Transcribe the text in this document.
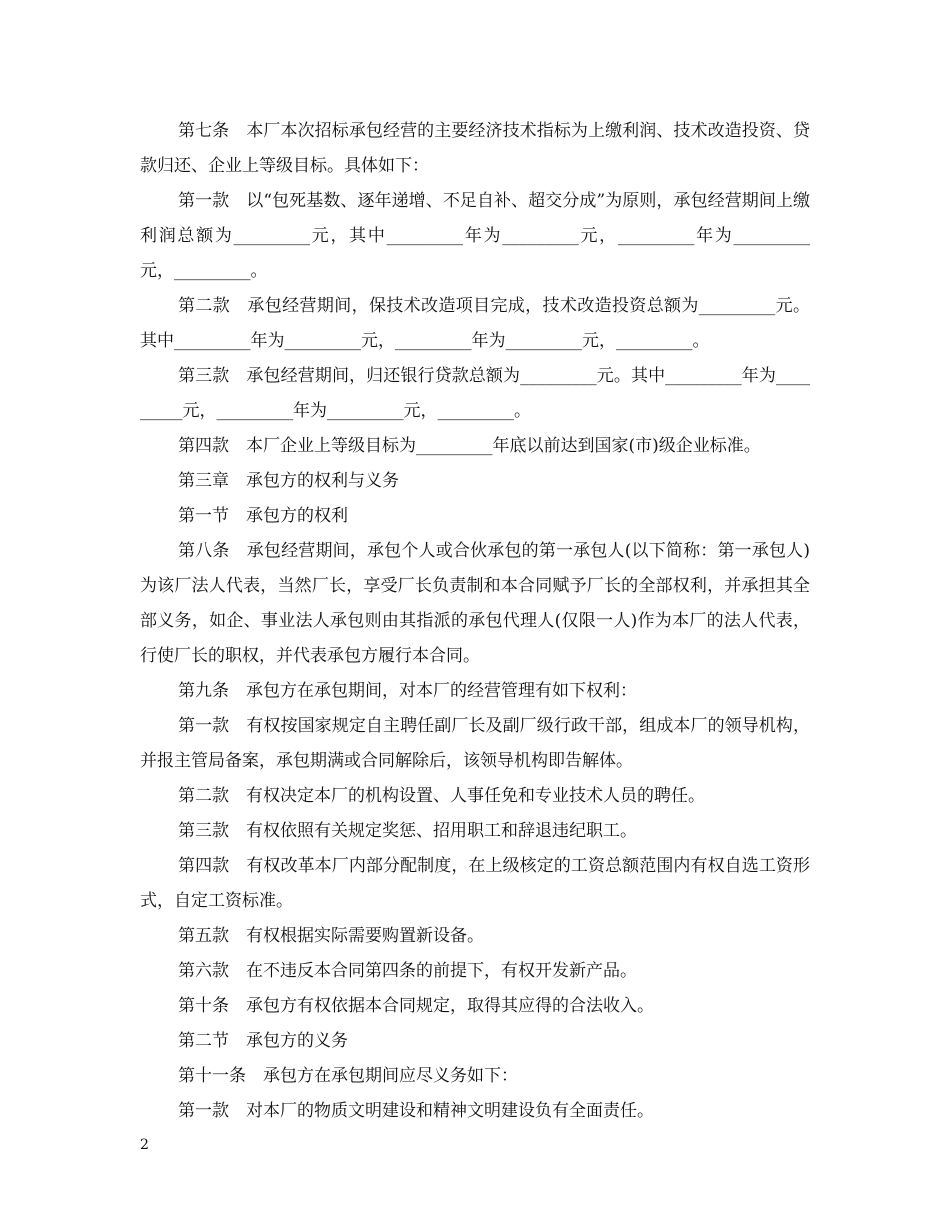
第七条　本厂本次招标承包经营的主要经济技术指标为上缴利润、技术改造投资、贷款归还、企业上等级目标。具体如下：

第一款　以“包死基数、逐年递增、不足自补、超交分成”为原则，承包经营期间上缴利润总额为_________元，其中_________年为_________元，_________年为_________元，_________。

第二款　承包经营期间，保技术改造项目完成，技术改造投资总额为_________元。其中_________年为_________元，_________年为_________元，_________。

第三款　承包经营期间，归还银行贷款总额为_________元。其中_________年为_________元，_________年为_________元，_________。

第四款　本厂企业上等级目标为_________年底以前达到国家(市)级企业标准。

第三章　承包方的权利与义务

第一节　承包方的权利

第八条　承包经营期间，承包个人或合伙承包的第一承包人(以下简称：第一承包人)为该厂法人代表，当然厂长，享受厂长负责制和本合同赋予厂长的全部权利，并承担其全部义务，如企、事业法人承包则由其指派的承包代理人(仅限一人)作为本厂的法人代表，行使厂长的职权，并代表承包方履行本合同。

第九条　承包方在承包期间，对本厂的经营管理有如下权利：

第一款　有权按国家规定自主聘任副厂长及副厂级行政干部，组成本厂的领导机构，并报主管局备案，承包期满或合同解除后，该领导机构即告解体。

第二款　有权决定本厂的机构设置、人事任免和专业技术人员的聘任。

第三款　有权依照有关规定奖惩、招用职工和辞退违纪职工。

第四款　有权改革本厂内部分配制度，在上级核定的工资总额范围内有权自选工资形式，自定工资标准。

第五款　有权根据实际需要购置新设备。

第六款　在不违反本合同第四条的前提下，有权开发新产品。

第十条　承包方有权依据本合同规定，取得其应得的合法收入。

第二节　承包方的义务

第十一条　承包方在承包期间应尽义务如下：

第一款　对本厂的物质文明建设和精神文明建设负有全面责任。

2
